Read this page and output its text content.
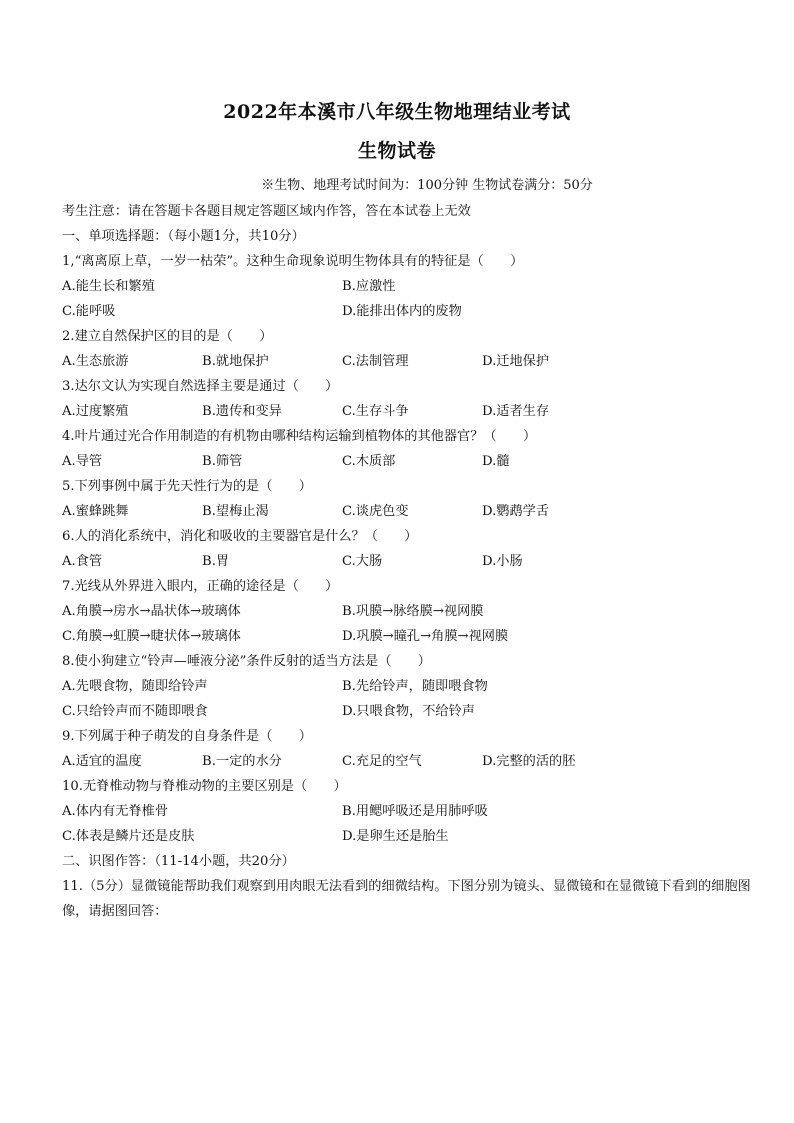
2022年本溪市八年级生物地理结业考试
生物试卷
※生物、地理考试时间为：100分钟 生物试卷满分：50分
考生注意：请在答题卡各题目规定答题区域内作答，答在本试卷上无效
一、单项选择题：（每小题1分，共10分）
1,“离离原上草，一岁一枯荣”。这种生命现象说明生物体具有的特征是（　　）
A.能生长和繁殖	B.应激性
C.能呼吸	D.能排出体内的废物
2.建立自然保护区的目的是（　　）
A.生态旅游	B.就地保护	C.法制管理	D.迁地保护
3.达尔文认为实现自然选择主要是通过（　　）
A.过度繁殖	B.遗传和变异	C.生存斗争	D.适者生存
4.叶片通过光合作用制造的有机物由哪种结构运输到植物体的其他器官？（　　）
A.导管	B.筛管	C.木质部	D.髓
5.下列事例中属于先天性行为的是（　　）
A.蜜蜂跳舞	B.望梅止渴	C.谈虎色变	D.鹦鹉学舌
6.人的消化系统中，消化和吸收的主要器官是什么？（　　）
A.食管	B.胃	C.大肠	D.小肠
7.光线从外界进入眼内，正确的途径是（　　）
A.角膜→房水→晶状体→玻璃体	B.巩膜→脉络膜→视网膜
C.角膜→虹膜→睫状体→玻璃体	D.巩膜→瞳孔→角膜→视网膜
8.使小狗建立“铃声—唾液分泌”条件反射的适当方法是（　　）
A.先喂食物，随即给铃声	B.先给铃声，随即喂食物
C.只给铃声而不随即喂食	D.只喂食物，不给铃声
9.下列属于种子萌发的自身条件是（　　）
A.适宜的温度	B.一定的水分	C.充足的空气	D.完整的活的胚
10.无脊椎动物与脊椎动物的主要区别是（　　）
A.体内有无脊椎骨	B.用鳃呼吸还是用肺呼吸
C.体表是鳞片还是皮肤	D.是卵生还是胎生
二、识图作答：（11-14小题，共20分）
11.（5分）显微镜能帮助我们观察到用肉眼无法看到的细微结构。下图分别为镜头、显微镜和在显微镜下看到的细胞图像，请据图回答：
